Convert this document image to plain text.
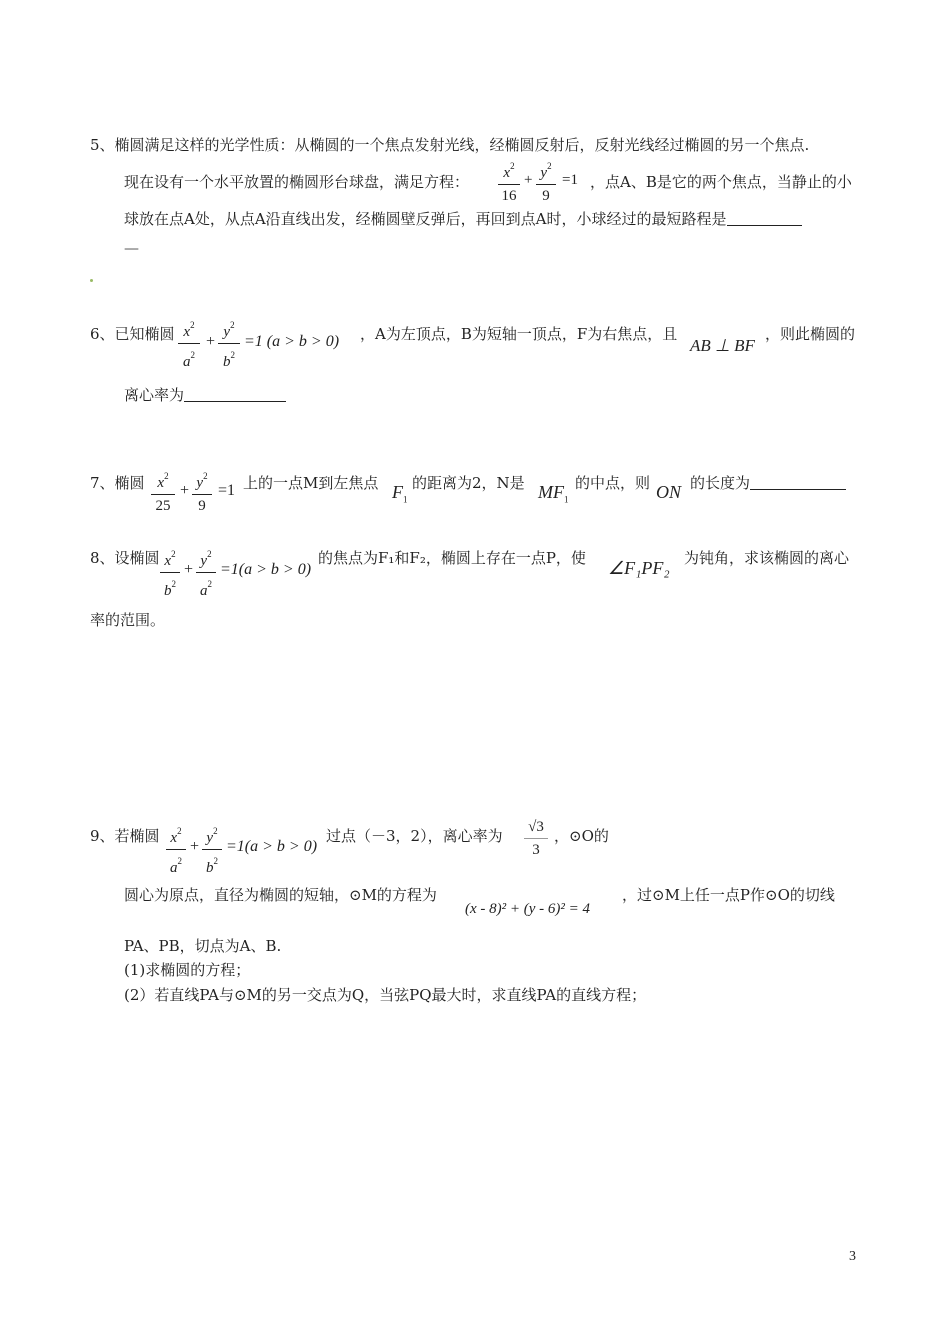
5、椭圆满足这样的光学性质：从椭圆的一个焦点发射光线，经椭圆反射后，反射光线经过椭圆的另一个焦点.
现在设有一个水平放置的椭圆形台球盘，满足方程：	$x^2$
16
+ $y^2$
9
=1 ，点A、B是它的两个焦点，当静止的小
球放在点A处，从点A沿直线出发，经椭圆壁反弹后，再回到点A时，小球经过的最短路程是
—
6、已知椭圆 $x^2$
$a^2$
+
$y^2$
$b^2$
=1 (a > b > 0) ，A为左顶点，B为短轴一顶点，F为右焦点，且
AB ⊥ BF
，则此椭圆的
离心率为
7、椭圆 $x^2$
25
+ $y^2$
9
=1 上的一点M到左焦点 $F_1$
的距离为2，N是 $MF_1$
的中点，则 ON 的长度为
8、设椭圆 $x^2$
$b^2$
+ $y^2$
$a^2$
=1(a > b > 0)
的焦点为F₁和F₂，椭圆上存在一点P，使 ∠F₁PF₂ 为钝角，求该椭圆的离心
率的范围。
9、若椭圆 $x^2$
$a^2$
+ $y^2$
$b^2$
=1(a > b > 0)
过点（－3，2），离心率为 √3
3
，⊙O的
圆心为原点，直径为椭圆的短轴，⊙M的方程为
(x - 8)² + (y - 6)² = 4
，过⊙M上任一点P作⊙O的切线
PA、PB，切点为A、B.
(1)求椭圆的方程；
(2）若直线PA与⊙M的另一交点为Q，当弦PQ最大时，求直线PA的直线方程；
3
